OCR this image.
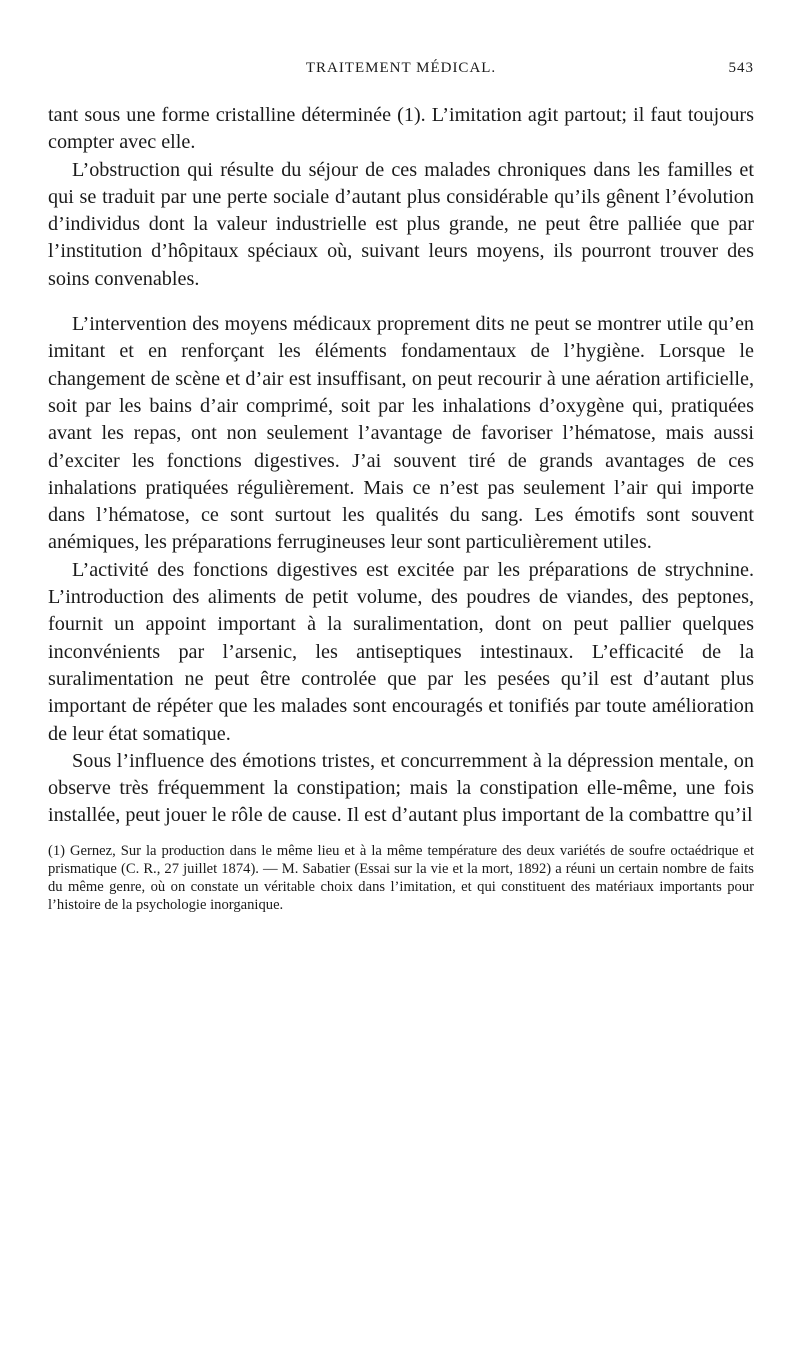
TRAITEMENT MÉDICAL.	543

tant sous une forme cristalline déterminée (1). L’imitation agit partout; il faut toujours compter avec elle.

L’obstruction qui résulte du séjour de ces malades chroniques dans les familles et qui se traduit par une perte sociale d’autant plus considérable qu’ils gênent l’évolution d’individus dont la valeur industrielle est plus grande, ne peut être palliée que par l’institution d’hôpitaux spéciaux où, suivant leurs moyens, ils pourront trouver des soins convenables.

L’intervention des moyens médicaux proprement dits ne peut se montrer utile qu’en imitant et en renforçant les éléments fondamentaux de l’hygiène. Lorsque le changement de scène et d’air est insuffisant, on peut recourir à une aération artificielle, soit par les bains d’air comprimé, soit par les inhalations d’oxygène qui, pratiquées avant les repas, ont non seulement l’avantage de favoriser l’hématose, mais aussi d’exciter les fonctions digestives. J’ai souvent tiré de grands avantages de ces inhalations pratiquées régulièrement. Mais ce n’est pas seulement l’air qui importe dans l’hématose, ce sont surtout les qualités du sang. Les émotifs sont souvent anémiques, les préparations ferrugineuses leur sont particulièrement utiles.

L’activité des fonctions digestives est excitée par les préparations de strychnine. L’introduction des aliments de petit volume, des poudres de viandes, des peptones, fournit un appoint important à la suralimentation, dont on peut pallier quelques inconvénients par l’arsenic, les antiseptiques intestinaux. L’efficacité de la suralimentation ne peut être controlée que par les pesées qu’il est d’autant plus important de répéter que les malades sont encouragés et tonifiés par toute amélioration de leur état somatique.

Sous l’influence des émotions tristes, et concurremment à la dépression mentale, on observe très fréquemment la constipation; mais la constipation elle-même, une fois installée, peut jouer le rôle de cause. Il est d’autant plus important de la combattre qu’il

(1) Gernez, Sur la production dans le même lieu et à la même température des deux variétés de soufre octaédrique et prismatique (C. R., 27 juillet 1874). — M. Sabatier (Essai sur la vie et la mort, 1892) a réuni un certain nombre de faits du même genre, où on constate un véritable choix dans l’imitation, et qui constituent des matériaux importants pour l’histoire de la psychologie inorganique.
